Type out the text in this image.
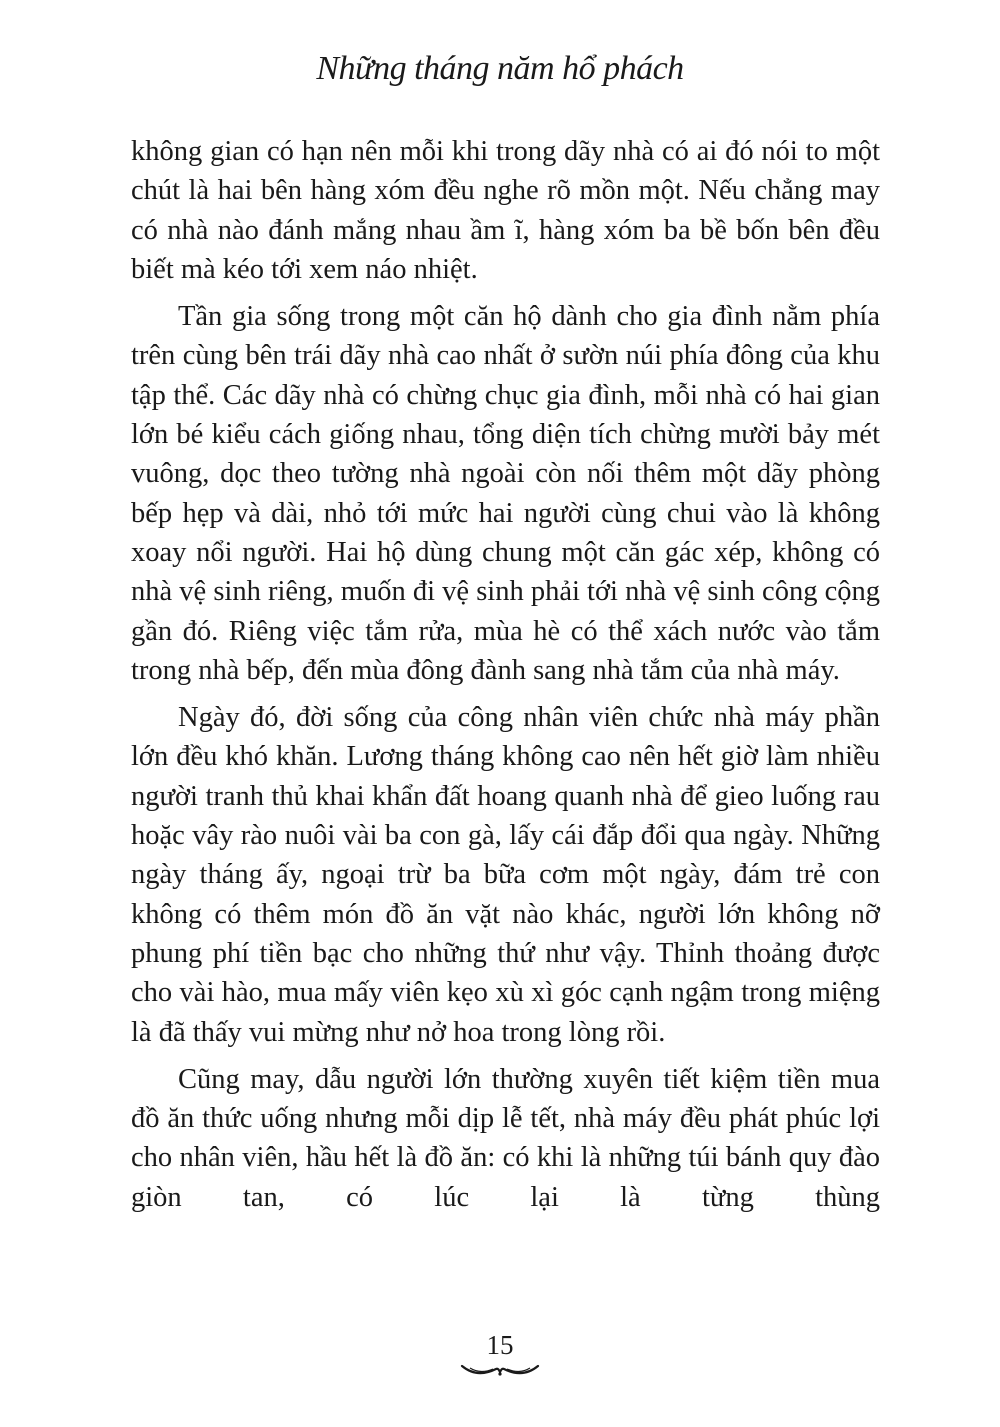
Những tháng năm hổ phách

không gian có hạn nên mỗi khi trong dãy nhà có ai đó nói to một chút là hai bên hàng xóm đều nghe rõ mồn một. Nếu chẳng may có nhà nào đánh mắng nhau ầm ĩ, hàng xóm ba bề bốn bên đều biết mà kéo tới xem náo nhiệt.

Tần gia sống trong một căn hộ dành cho gia đình nằm phía trên cùng bên trái dãy nhà cao nhất ở sườn núi phía đông của khu tập thể. Các dãy nhà có chừng chục gia đình, mỗi nhà có hai gian lớn bé kiểu cách giống nhau, tổng diện tích chừng mười bảy mét vuông, dọc theo tường nhà ngoài còn nối thêm một dãy phòng bếp hẹp và dài, nhỏ tới mức hai người cùng chui vào là không xoay nổi người. Hai hộ dùng chung một căn gác xép, không có nhà vệ sinh riêng, muốn đi vệ sinh phải tới nhà vệ sinh công cộng gần đó. Riêng việc tắm rửa, mùa hè có thể xách nước vào tắm trong nhà bếp, đến mùa đông đành sang nhà tắm của nhà máy.

Ngày đó, đời sống của công nhân viên chức nhà máy phần lớn đều khó khăn. Lương tháng không cao nên hết giờ làm nhiều người tranh thủ khai khẩn đất hoang quanh nhà để gieo luống rau hoặc vây rào nuôi vài ba con gà, lấy cái đắp đổi qua ngày. Những ngày tháng ấy, ngoại trừ ba bữa cơm một ngày, đám trẻ con không có thêm món đồ ăn vặt nào khác, người lớn không nỡ phung phí tiền bạc cho những thứ như vậy. Thỉnh thoảng được cho vài hào, mua mấy viên kẹo xù xì góc cạnh ngậm trong miệng là đã thấy vui mừng như nở hoa trong lòng rồi.

Cũng may, dẫu người lớn thường xuyên tiết kiệm tiền mua đồ ăn thức uống nhưng mỗi dịp lễ tết, nhà máy đều phát phúc lợi cho nhân viên, hầu hết là đồ ăn: có khi là những túi bánh quy đào giòn tan, có lúc lại là từng thùng

15
